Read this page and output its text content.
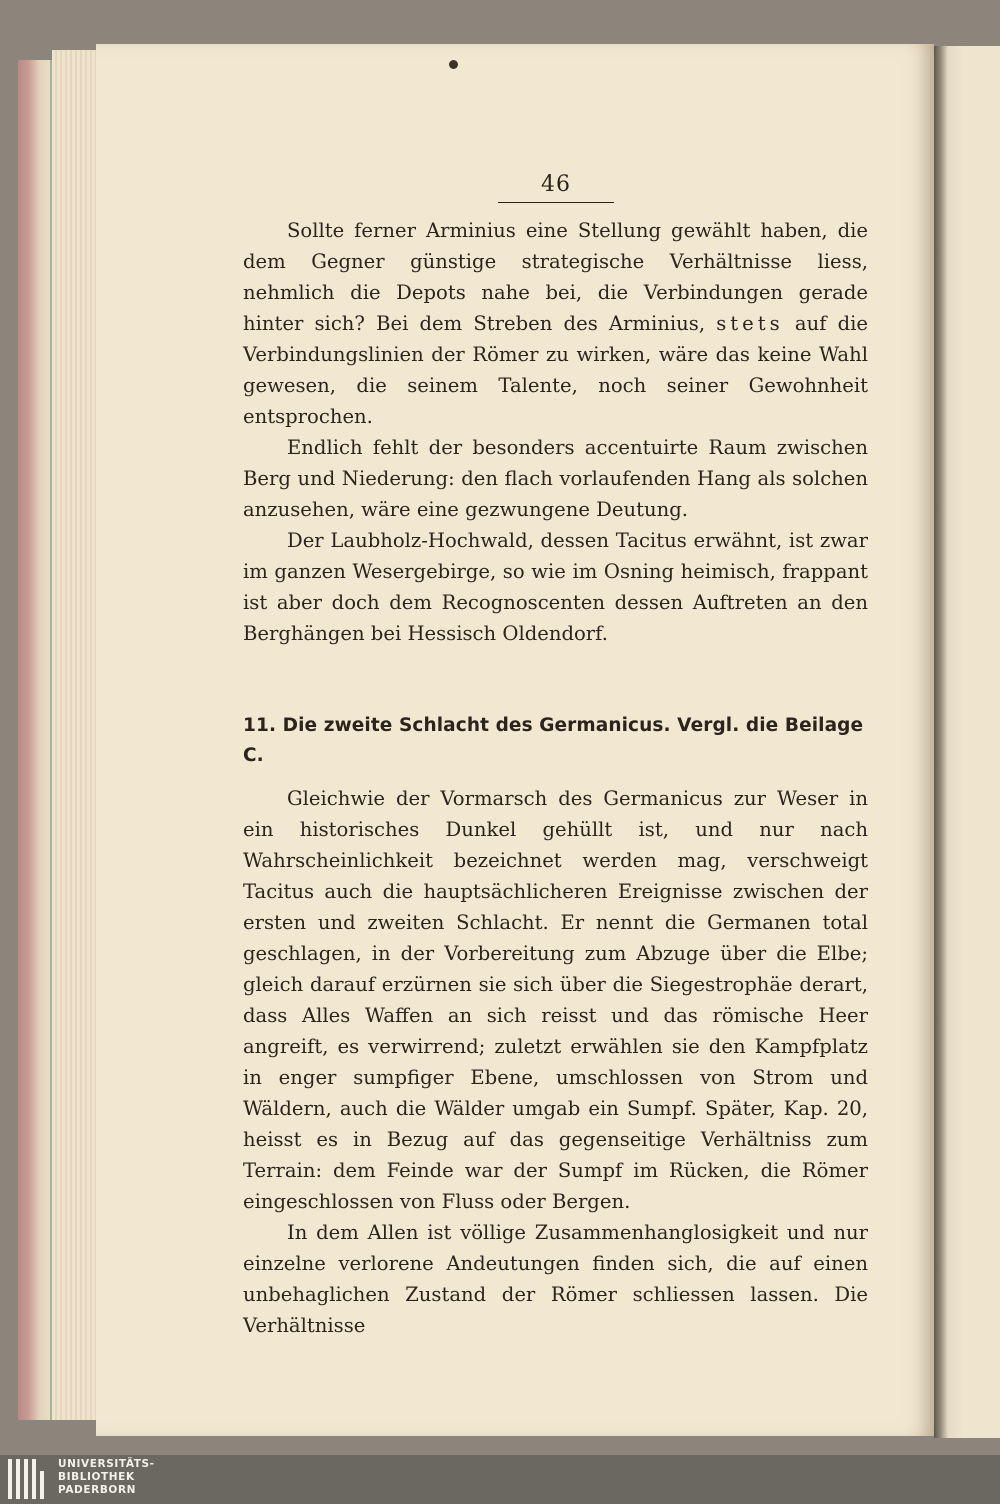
46

Sollte ferner Arminius eine Stellung gewählt haben, die dem Gegner günstige strategische Verhältnisse liess, nehmlich die Depots nahe bei, die Verbindungen gerade hinter sich? Bei dem Streben des Arminius, stets auf die Verbindungslinien der Römer zu wirken, wäre das keine Wahl gewesen, die seinem Talente, noch seiner Gewohnheit entsprochen.

Endlich fehlt der besonders accentuirte Raum zwischen Berg und Niederung: den flach vorlaufenden Hang als solchen anzusehen, wäre eine gezwungene Deutung.

Der Laubholz-Hochwald, dessen Tacitus erwähnt, ist zwar im ganzen Wesergebirge, so wie im Osning heimisch, frappant ist aber doch dem Recognoscenten dessen Auftreten an den Berghängen bei Hessisch Oldendorf.

11. Die zweite Schlacht des Germanicus. Vergl. die Beilage C.

Gleichwie der Vormarsch des Germanicus zur Weser in ein historisches Dunkel gehüllt ist, und nur nach Wahrscheinlichkeit bezeichnet werden mag, verschweigt Tacitus auch die hauptsächlicheren Ereignisse zwischen der ersten und zweiten Schlacht. Er nennt die Germanen total geschlagen, in der Vorbereitung zum Abzuge über die Elbe; gleich darauf erzürnen sie sich über die Siegestrophäe derart, dass Alles Waffen an sich reisst und das römische Heer angreift, es verwirrend; zuletzt erwählen sie den Kampfplatz in enger sumpfiger Ebene, umschlossen von Strom und Wäldern, auch die Wälder umgab ein Sumpf. Später, Kap. 20, heisst es in Bezug auf das gegenseitige Verhältniss zum Terrain: dem Feinde war der Sumpf im Rücken, die Römer eingeschlossen von Fluss oder Bergen.

In dem Allen ist völlige Zusammenhanglosigkeit und nur einzelne verlorene Andeutungen finden sich, die auf einen unbehaglichen Zustand der Römer schliessen lassen. Die Verhältnisse

UNIVERSITÄTS-
BIBLIOTHEK
PADERBORN
